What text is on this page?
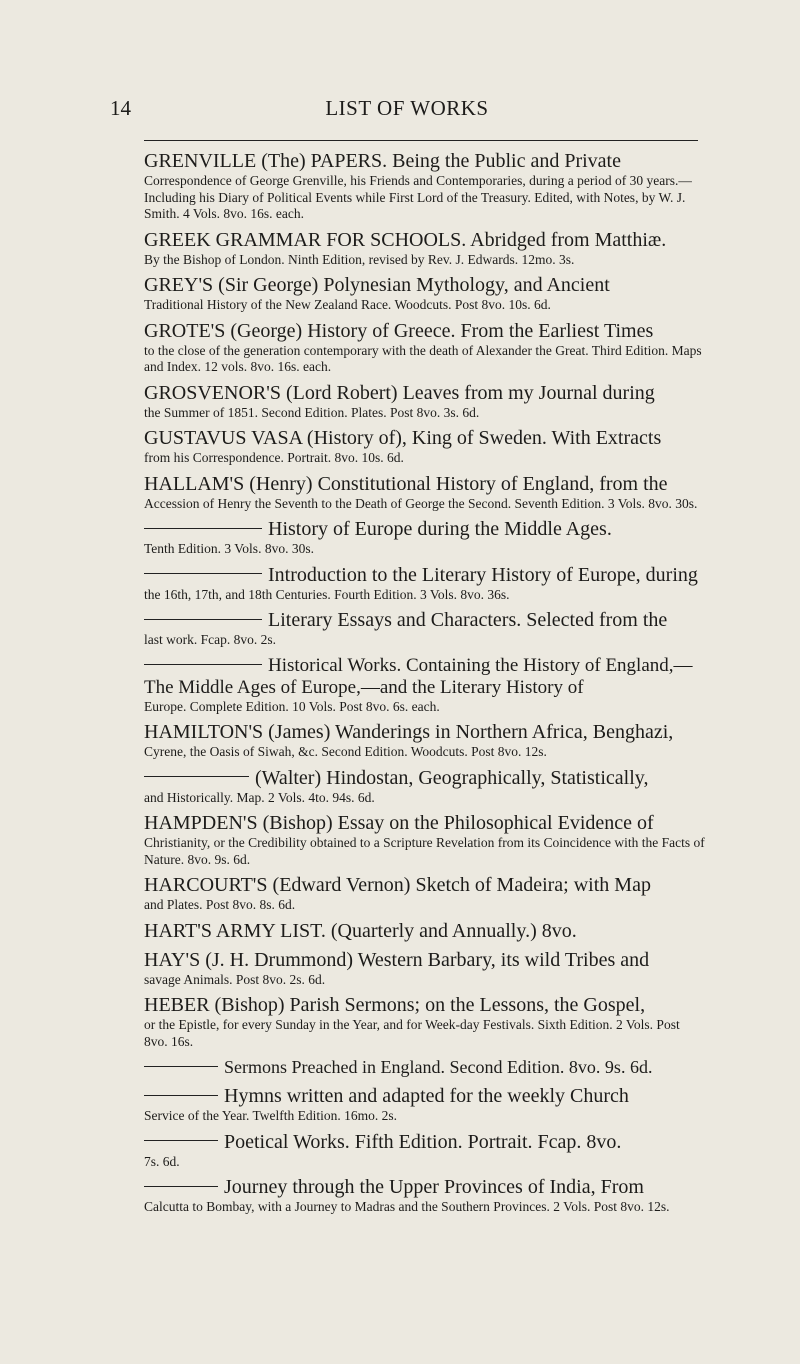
14	LIST OF WORKS
GRENVILLE (The) PAPERS. Being the Public and Private
Correspondence of George Grenville, his Friends and Contemporaries, during a period of 30 years.— Including his Diary of Political Events while First Lord of the Treasury. Edited, with Notes, by W. J. Smith. 4 Vols. 8vo. 16s. each.
GREEK GRAMMAR FOR SCHOOLS. Abridged from Matthiæ.
By the Bishop of London. Ninth Edition, revised by Rev. J. Edwards. 12mo. 3s.
GREY'S (Sir George) Polynesian Mythology, and Ancient
Traditional History of the New Zealand Race. Woodcuts. Post 8vo. 10s. 6d.
GROTE'S (George) History of Greece. From the Earliest Times
to the close of the generation contemporary with the death of Alexander the Great. Third Edition. Maps and Index. 12 vols. 8vo. 16s. each.
GROSVENOR'S (Lord Robert) Leaves from my Journal during
the Summer of 1851. Second Edition. Plates. Post 8vo. 3s. 6d.
GUSTAVUS VASA (History of), King of Sweden. With Extracts
from his Correspondence. Portrait. 8vo. 10s. 6d.
HALLAM'S (Henry) Constitutional History of England, from the
Accession of Henry the Seventh to the Death of George the Second. Seventh Edition. 3 Vols. 8vo. 30s.
History of Europe during the Middle Ages.
Tenth Edition. 3 Vols. 8vo. 30s.
Introduction to the Literary History of Europe, during
the 16th, 17th, and 18th Centuries. Fourth Edition. 3 Vols. 8vo. 36s.
Literary Essays and Characters. Selected from the
last work. Fcap. 8vo. 2s.
Historical Works. Containing the History of England,—The Middle Ages of Europe,—and the Literary History of
Europe. Complete Edition. 10 Vols. Post 8vo. 6s. each.
HAMILTON'S (James) Wanderings in Northern Africa, Benghazi,
Cyrene, the Oasis of Siwah, &c. Second Edition. Woodcuts. Post 8vo. 12s.
(Walter) Hindostan, Geographically, Statistically,
and Historically. Map. 2 Vols. 4to. 94s. 6d.
HAMPDEN'S (Bishop) Essay on the Philosophical Evidence of
Christianity, or the Credibility obtained to a Scripture Revelation from its Coincidence with the Facts of Nature. 8vo. 9s. 6d.
HARCOURT'S (Edward Vernon) Sketch of Madeira; with Map
and Plates. Post 8vo. 8s. 6d.
HART'S ARMY LIST. (Quarterly and Annually.) 8vo.
HAY'S (J. H. Drummond) Western Barbary, its wild Tribes and
savage Animals. Post 8vo. 2s. 6d.
HEBER (Bishop) Parish Sermons; on the Lessons, the Gospel,
or the Epistle, for every Sunday in the Year, and for Week-day Festivals. Sixth Edition. 2 Vols. Post 8vo. 16s.
Sermons Preached in England. Second Edition. 8vo. 9s. 6d.
Hymns written and adapted for the weekly Church
Service of the Year. Twelfth Edition. 16mo. 2s.
Poetical Works. Fifth Edition. Portrait. Fcap. 8vo.
7s. 6d.
Journey through the Upper Provinces of India, From
Calcutta to Bombay, with a Journey to Madras and the Southern Provinces. 2 Vols. Post 8vo. 12s.
